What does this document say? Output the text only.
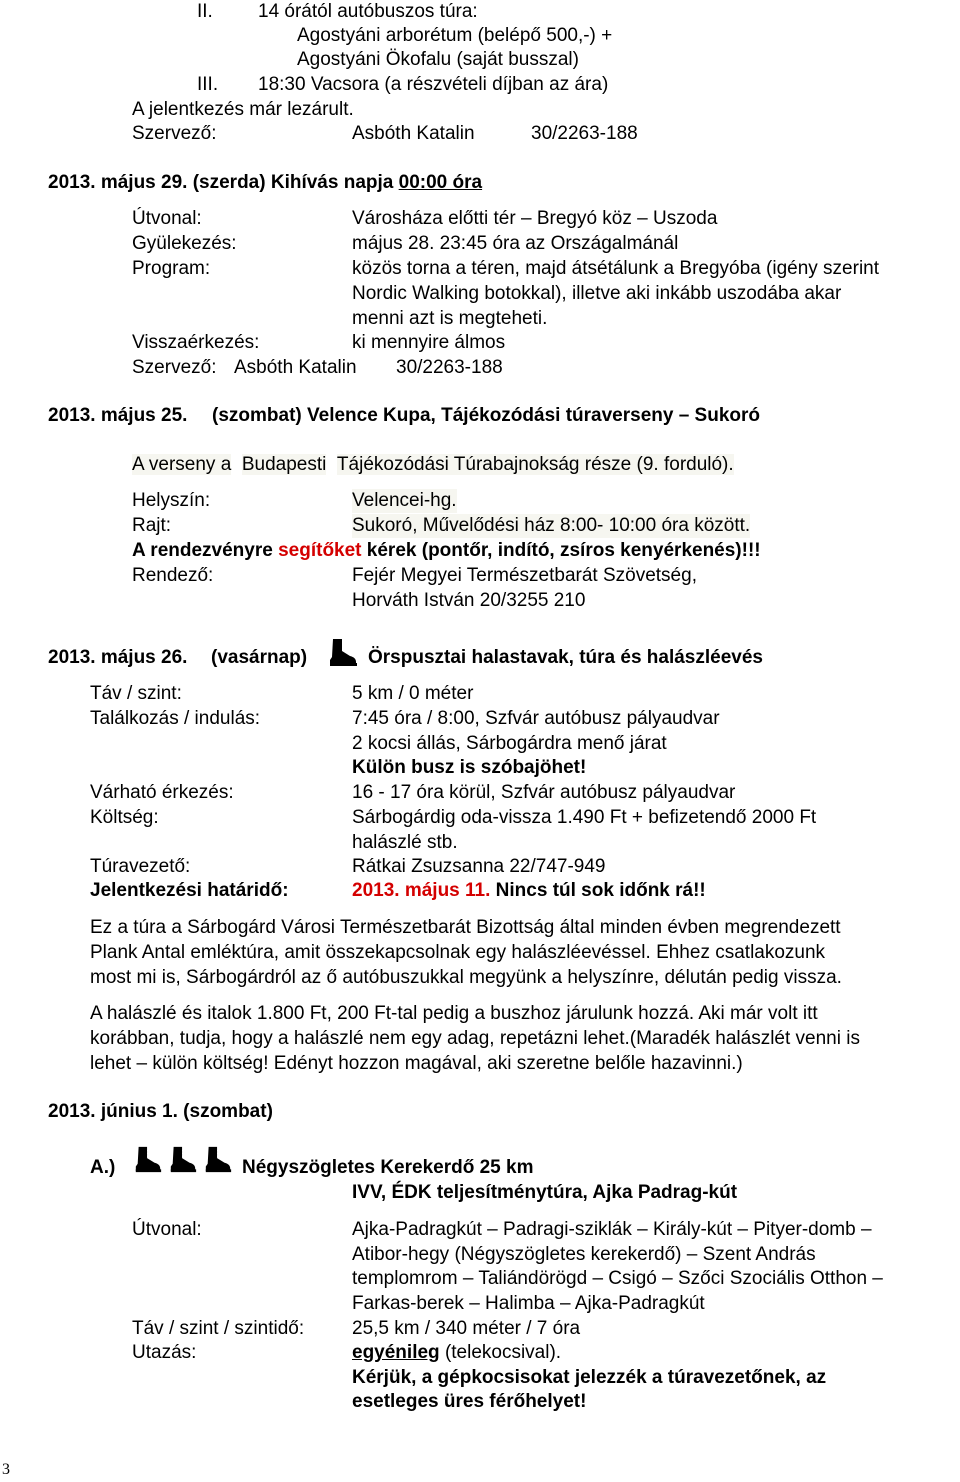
II. 14 órától autóbuszos túra:
Agostyáni arborétum (belépő 500,-) +
Agostyáni Ökofalu (saját busszal)
III. 18:30 Vacsora (a részvételi díjban az ára)
A jelentkezés már lezárult.
Szervező:	Asbóth Katalin	30/2263-188
2013. május 29. (szerda) Kihívás napja 00:00 óra
Útvonal:	Városháza előtti tér – Bregyó köz – Uszoda
Gyülekezés:	május 28. 23:45 óra az Országalmánál
Program:	közös torna a téren, majd átsétálunk a Bregyóba (igény szerint
Nordic Walking botokkal), illetve aki inkább uszodába akar
menni azt is megteheti.
Visszaérkezés:	ki mennyire álmos
Szervező: Asbóth Katalin 30/2263-188
2013. május 25. (szombat) Velence Kupa, Tájékozódási túraverseny – Sukoró
A verseny a Budapesti Tájékozódási Túrabajnokság része (9. forduló).
Helyszín:	Velencei-hg.
Rajt:	Sukoró, Művelődési ház 8:00- 10:00 óra között.
A rendezvényre segítőket kérek (pontőr, indító, zsíros kenyérkenés)!!!
Rendező:	Fejér Megyei Természetbarát Szövetség,
Horváth István 20/3255 210
2013. május 26. (vasárnap)	Örspusztai halastavak, túra és halászléevés
Táv / szint:	5 km / 0 méter
Találkozás / indulás:	7:45 óra / 8:00, Szfvár autóbusz pályaudvar
2 kocsi állás, Sárbogárdra menő járat
Külön busz is szóbajöhet!
Várható érkezés:	16 - 17 óra körül, Szfvár autóbusz pályaudvar
Költség:	Sárbogárdig oda-vissza 1.490 Ft + befizetendő 2000 Ft
halászlé stb.
Túravezető:	Rátkai Zsuzsanna 22/747-949
Jelentkezési határidő:	2013. május 11. Nincs túl sok időnk rá!!
Ez a túra a Sárbogárd Városi Természetbarát Bizottság által minden évben megrendezett
Plank Antal emléktúra, amit összekapcsolnak egy halászléevéssel. Ehhez csatlakozunk
most mi is, Sárbogárdról az ő autóbuszukkal megyünk a helyszínre, délután pedig vissza.
A halászlé és italok 1.800 Ft, 200 Ft-tal pedig a buszhoz járulunk hozzá. Aki már volt itt
korábban, tudja, hogy a halászlé nem egy adag, repetázni lehet.(Maradék halászlét venni is
lehet – külön költség! Edényt hozzon magával, aki szeretne belőle hazavinni.)
2013. június 1. (szombat)
A.)	Négyszögletes Kerekerdő 25 km
IVV, ÉDK teljesítménytúra, Ajka Padrag-kút
Útvonal:	Ajka-Padragkút – Padragi-sziklák – Király-kút – Pityer-domb –
Atibor-hegy (Négyszögletes kerekerdő) – Szent András
templomrom – Taliándörögd – Csigó – Szőci Szociális Otthon –
Farkas-berek – Halimba – Ajka-Padragkút
Táv / szint / szintidő:	25,5 km / 340 méter / 7 óra
Utazás:	egyénileg (telekocsival).
Kérjük, a gépkocsisokat jelezzék a túravezetőnek, az
esetleges üres férőhelyet!
3
